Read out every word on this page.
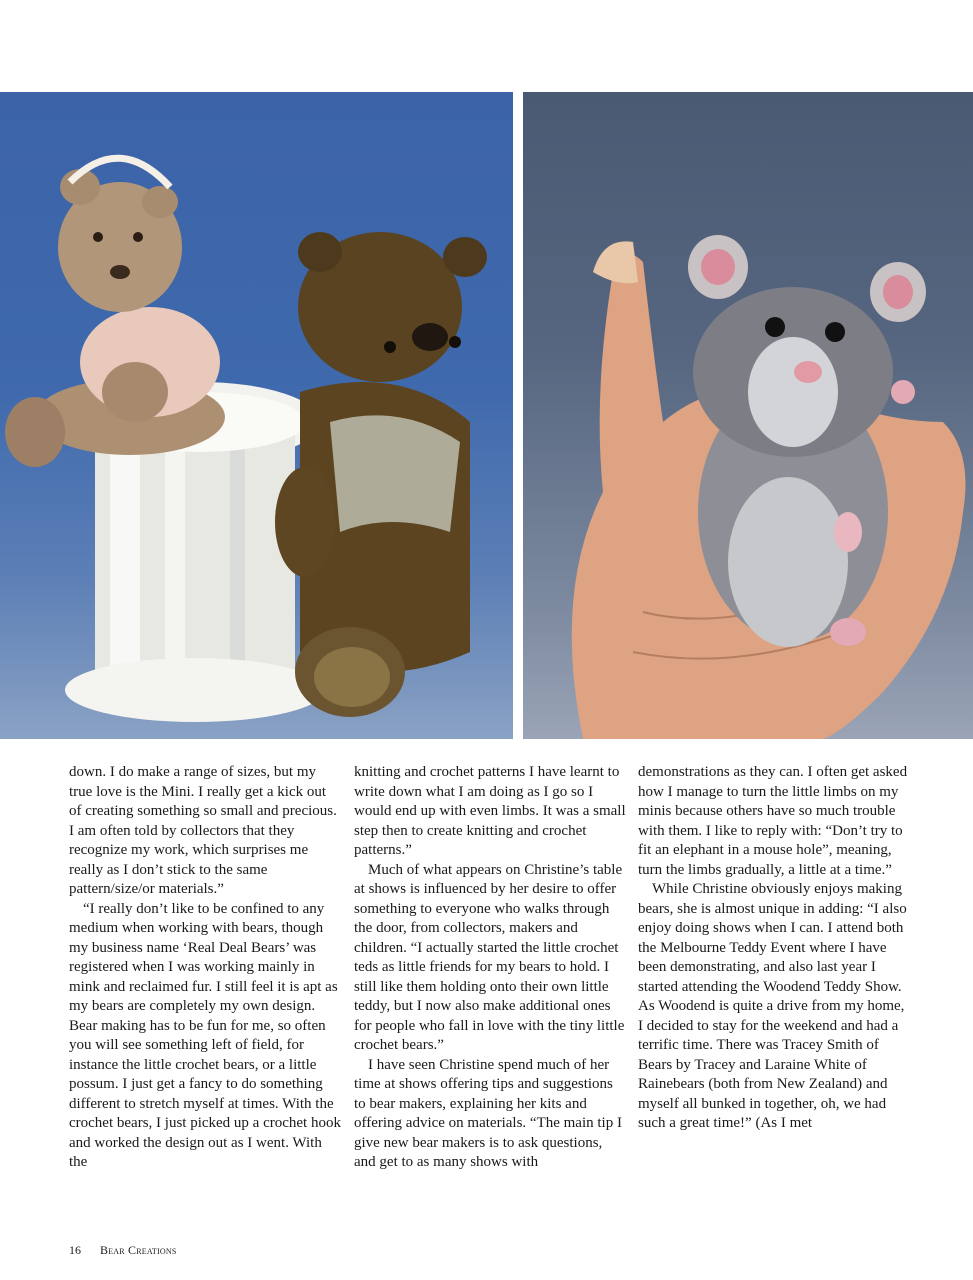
down. I do make a range of sizes, but my true love is the Mini. I really get a kick out of creating something so small and precious. I am often told by collectors that they recognize my work, which surprises me really as I don’t stick to the same pattern/size/or materials.”

“I really don’t like to be confined to any medium when working with bears, though my business name ‘Real Deal Bears’ was registered when I was working mainly in mink and reclaimed fur. I still feel it is apt as my bears are completely my own design. Bear making has to be fun for me, so often you will see something left of field, for instance the little crochet bears, or a little possum. I just get a fancy to do something different to stretch myself at times. With the crochet bears, I just picked up a crochet hook and worked the design out as I went. With the

knitting and crochet patterns I have learnt to write down what I am doing as I go so I would end up with even limbs. It was a small step then to create knitting and crochet patterns.”

Much of what appears on Christine’s table at shows is influenced by her desire to offer something to everyone who walks through the door, from collectors, makers and children. “I actually started the little crochet teds as little friends for my bears to hold. I still like them holding onto their own little teddy, but I now also make additional ones for people who fall in love with the tiny little crochet bears.”

I have seen Christine spend much of her time at shows offering tips and suggestions to bear makers, explaining her kits and offering advice on materials. “The main tip I give new bear makers is to ask questions, and get to as many shows with

demonstrations as they can. I often get asked how I manage to turn the little limbs on my minis because others have so much trouble with them. I like to reply with: “Don’t try to fit an elephant in a mouse hole”, meaning, turn the limbs gradually, a little at a time.”

While Christine obviously enjoys making bears, she is almost unique in adding: “I also enjoy doing shows when I can. I attend both the Melbourne Teddy Event where I have been demonstrating, and also last year I started attending the Woodend Teddy Show. As Woodend is quite a drive from my home, I decided to stay for the weekend and had a terrific time. There was Tracey Smith of Bears by Tracey and Laraine White of Rainebears (both from New Zealand) and myself all bunked in together, oh, we had such a great time!” (As I met

16 Bear Creations
